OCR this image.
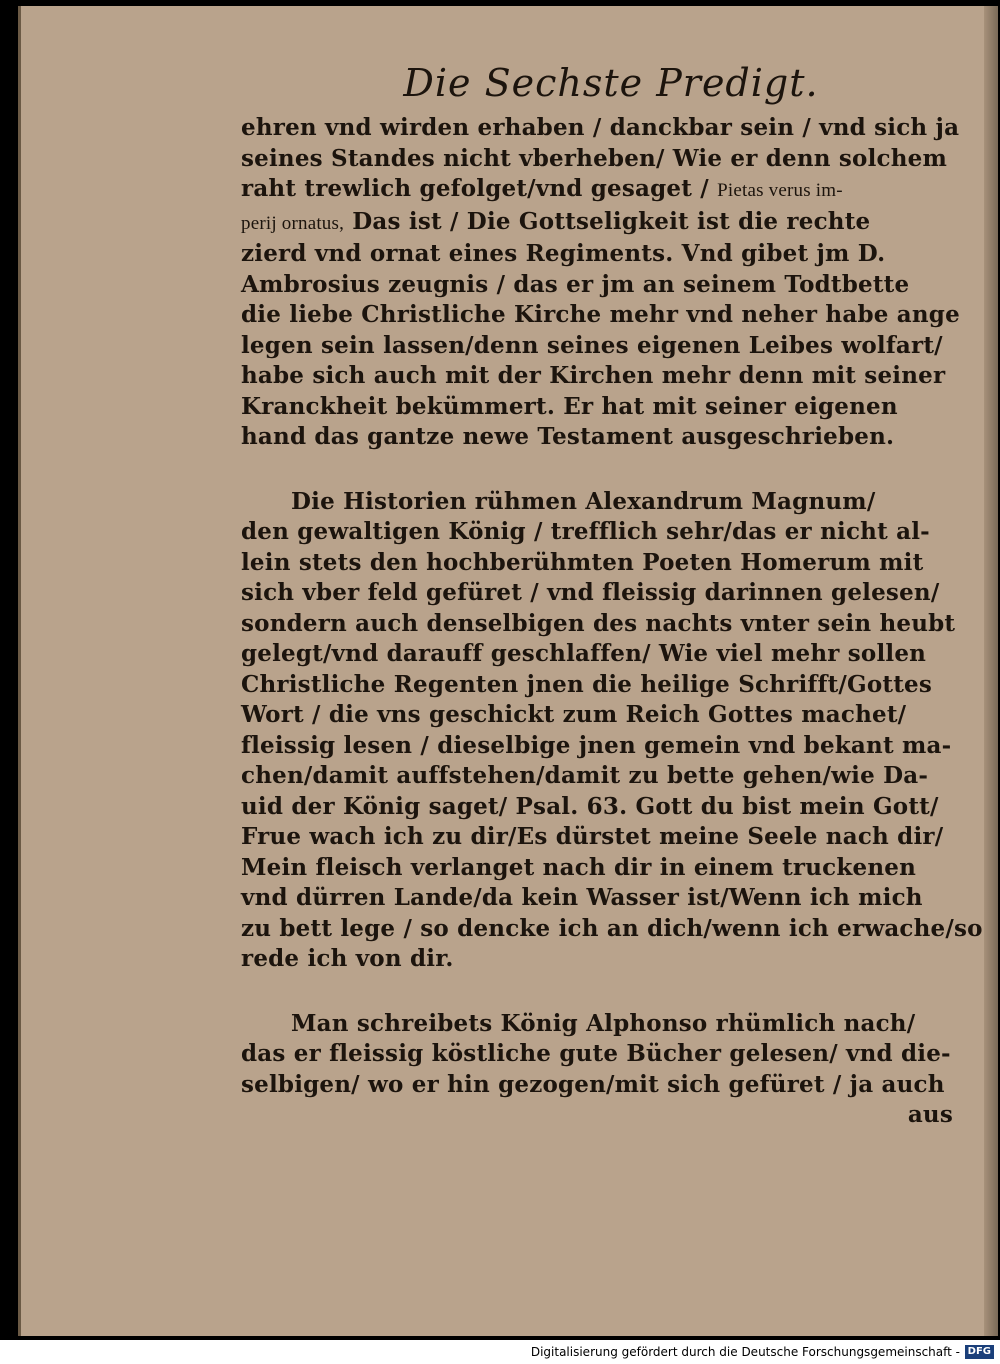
Die Sechste Predigt.
ehren vnd wirden erhaben / danckbar sein / vnd sich ja
seines Standes nicht vberheben/ Wie er denn solchem
raht trewlich gefolget/vnd gesaget / Pietas verus im-
perij ornatus, Das ist / Die Gottseligkeit ist die rechte
zierd vnd ornat eines Regiments. Vnd gibet jm D.
Ambrosius zeugnis / das er jm an seinem Todtbette
die liebe Christliche Kirche mehr vnd neher habe ange
legen sein lassen/denn seines eigenen Leibes wolfart/
habe sich auch mit der Kirchen mehr denn mit seiner
Kranckheit bekümmert. Er hat mit seiner eigenen
hand das gantze newe Testament ausgeschrieben.
Die Historien rühmen Alexandrum Magnum/
den gewaltigen König / trefflich sehr/das er nicht al-
lein stets den hochberühmten Poeten Homerum mit
sich vber feld gefüret / vnd fleissig darinnen gelesen/
sondern auch denselbigen des nachts vnter sein heubt
gelegt/vnd darauff geschlaffen/ Wie viel mehr sollen
Christliche Regenten jnen die heilige Schrifft/Gottes
Wort / die vns geschickt zum Reich Gottes machet/
fleissig lesen / dieselbige jnen gemein vnd bekant ma-
chen/damit auffstehen/damit zu bette gehen/wie Da-
uid der König saget/ Psal. 63. Gott du bist mein Gott/
Frue wach ich zu dir/Es dürstet meine Seele nach dir/
Mein fleisch verlanget nach dir in einem truckenen
vnd dürren Lande/da kein Wasser ist/Wenn ich mich
zu bett lege / so dencke ich an dich/wenn ich erwache/so
rede ich von dir.
Man schreibets König Alphonso rhümlich nach/
das er fleissig köstliche gute Bücher gelesen/ vnd die-
selbigen/ wo er hin gezogen/mit sich gefüret / ja auch
aus
Digitalisierung gefördert durch die Deutsche Forschungsgemeinschaft - DFG
